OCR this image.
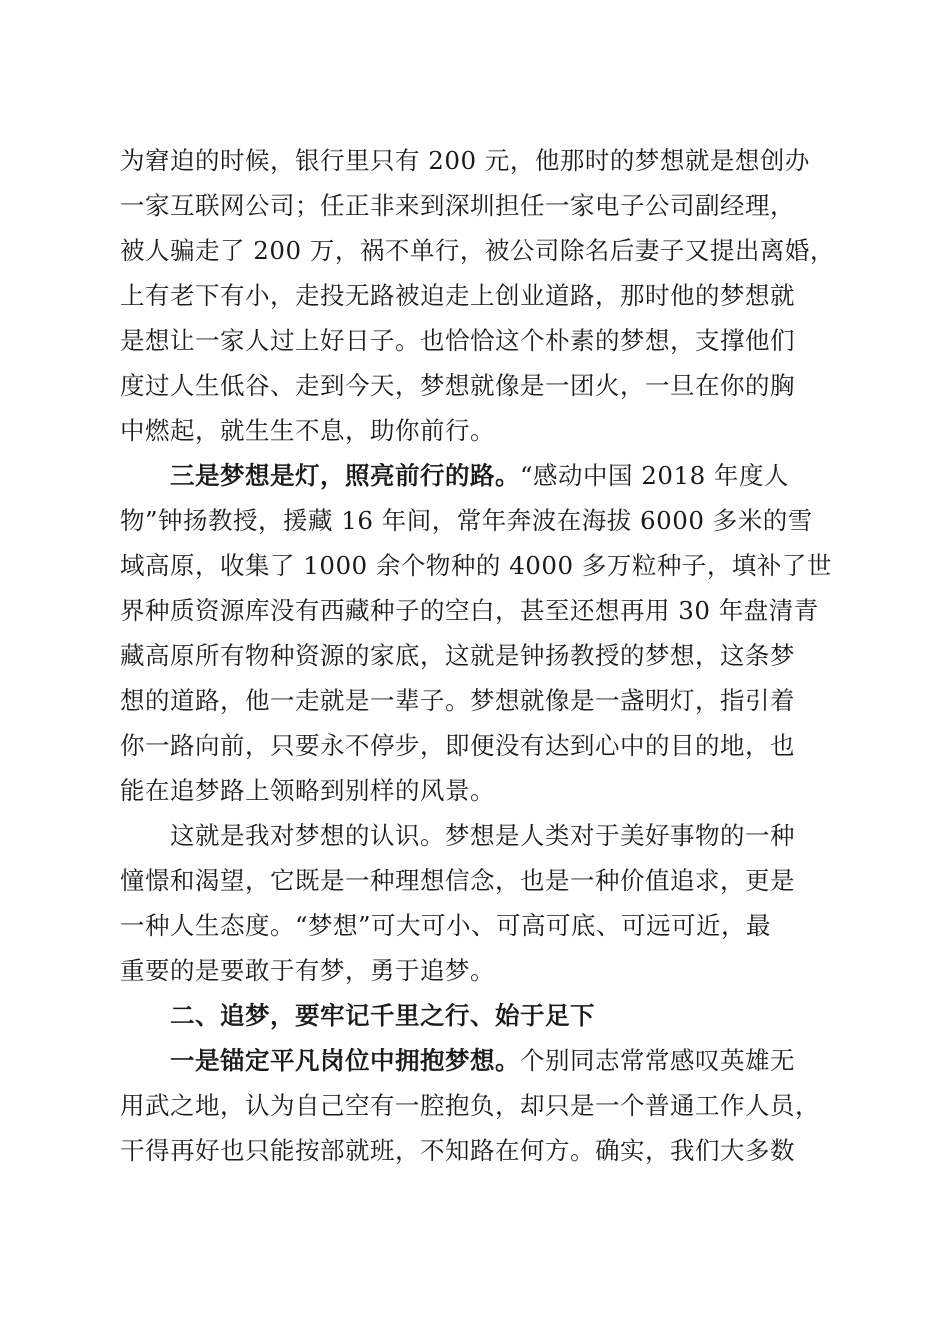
为窘迫的时候，银行里只有 200 元，他那时的梦想就是想创办
一家互联网公司；任正非来到深圳担任一家电子公司副经理，
被人骗走了 200 万，祸不单行，被公司除名后妻子又提出离婚，
上有老下有小，走投无路被迫走上创业道路，那时他的梦想就
是想让一家人过上好日子。也恰恰这个朴素的梦想，支撑他们
度过人生低谷、走到今天，梦想就像是一团火，一旦在你的胸
中燃起，就生生不息，助你前行。
三是梦想是灯，照亮前行的路。“感动中国 2018 年度人
物”钟扬教授，援藏 16 年间，常年奔波在海拔 6000 多米的雪
域高原，收集了 1000 余个物种的 4000 多万粒种子，填补了世
界种质资源库没有西藏种子的空白，甚至还想再用 30 年盘清青
藏高原所有物种资源的家底，这就是钟扬教授的梦想，这条梦
想的道路，他一走就是一辈子。梦想就像是一盏明灯，指引着
你一路向前，只要永不停步，即便没有达到心中的目的地，也
能在追梦路上领略到别样的风景。
这就是我对梦想的认识。梦想是人类对于美好事物的一种
憧憬和渴望，它既是一种理想信念，也是一种价值追求，更是
一种人生态度。“梦想”可大可小、可高可底、可远可近，最
重要的是要敢于有梦，勇于追梦。
二、追梦，要牢记千里之行、始于足下
一是锚定平凡岗位中拥抱梦想。个别同志常常感叹英雄无
用武之地，认为自己空有一腔抱负，却只是一个普通工作人员，
干得再好也只能按部就班，不知路在何方。确实，我们大多数
